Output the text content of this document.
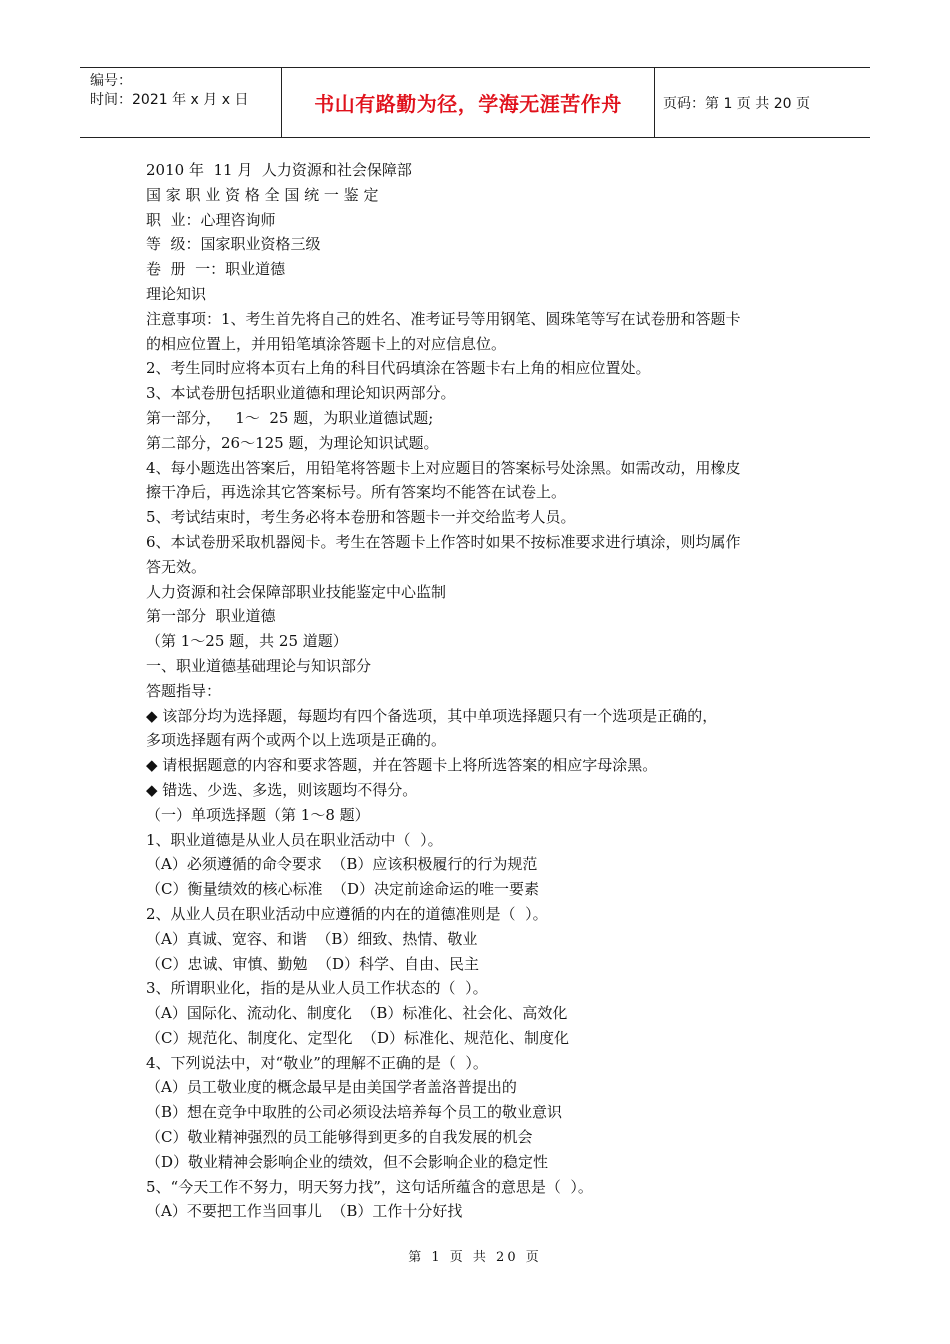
编号：
时间：2021 年 x 月 x 日	书山有路勤为径，学海无涯苦作舟	页码：第 1 页 共 20 页

2010 年  11 月  人力资源和社会保障部

国 家 职 业 资 格 全 国 统 一 鉴 定

职  业：心理咨询师

等  级：国家职业资格三级

卷  册  一：职业道德

理论知识

注意事项：1、考生首先将自己的姓名、准考证号等用钢笔、圆珠笔等写在试卷册和答题卡

的相应位置上，并用铅笔填涂答题卡上的对应信息位。

2、考生同时应将本页右上角的科目代码填涂在答题卡右上角的相应位置处。

3、本试卷册包括职业道德和理论知识两部分。

第一部分，   1～  25 题，为职业道德试题;

第二部分，26～125 题，为理论知识试题。

4、每小题选出答案后，用铅笔将答题卡上对应题目的答案标号处涂黑。如需改动，用橡皮

擦干净后，再选涂其它答案标号。所有答案均不能答在试卷上。

5、考试结束时，考生务必将本卷册和答题卡一并交给监考人员。

6、本试卷册采取机器阅卡。考生在答题卡上作答时如果不按标准要求进行填涂，则均属作

答无效。

人力资源和社会保障部职业技能鉴定中心监制

第一部分  职业道德

（第 1～25 题，共 25 道题）

一、职业道德基础理论与知识部分

答题指导：

◆ 该部分均为选择题，每题均有四个备选项，其中单项选择题只有一个选项是正确的，

多项选择题有两个或两个以上选项是正确的。

◆ 请根据题意的内容和要求答题，并在答题卡上将所选答案的相应字母涂黑。

◆ 错选、少选、多选，则该题均不得分。

（一）单项选择题（第 1～8 题）

1、职业道德是从业人员在职业活动中（  ）。

（A）必须遵循的命令要求  （B）应该积极履行的行为规范

（C）衡量绩效的核心标准  （D）决定前途命运的唯一要素

2、从业人员在职业活动中应遵循的内在的道德准则是（  ）。

（A）真诚、宽容、和谐  （B）细致、热情、敬业

（C）忠诚、审慎、勤勉  （D）科学、自由、民主

3、所谓职业化，指的是从业人员工作状态的（  ）。

（A）国际化、流动化、制度化  （B）标准化、社会化、高效化

（C）规范化、制度化、定型化  （D）标准化、规范化、制度化

4、下列说法中，对“敬业”的理解不正确的是（  ）。

（A）员工敬业度的概念最早是由美国学者盖洛普提出的

（B）想在竞争中取胜的公司必须设法培养每个员工的敬业意识

（C）敬业精神强烈的员工能够得到更多的自我发展的机会

（D）敬业精神会影响企业的绩效，但不会影响企业的稳定性

5、“今天工作不努力，明天努力找”，这句话所蕴含的意思是（  ）。

（A）不要把工作当回事儿  （B）工作十分好找

第 1 页 共 20 页
